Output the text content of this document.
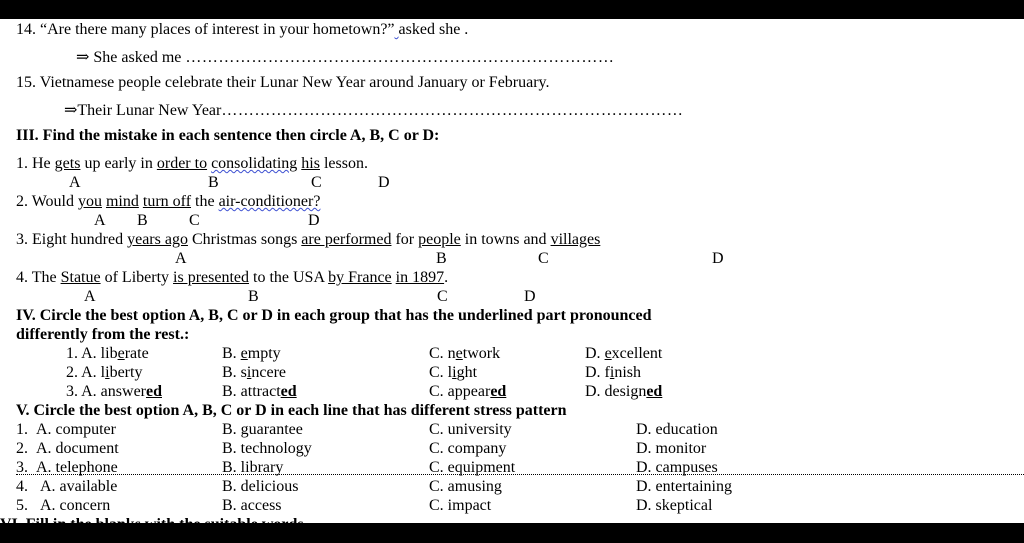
14. “Are there many places of interest in your hometown?” asked she .
⇒ She asked me ……………………………………………………………………
15. Vietnamese people celebrate their Lunar New Year around January or February.
⇒Their Lunar New Year…………………………………………………………………………
III. Find the mistake in each sentence then circle A, B, C or D:
1. He gets up early in order to consolidating his lesson.
A	B	C	D
2. Would you mind turn off the air-conditioner?
A B	C	D
3. Eight hundred years ago Christmas songs are performed for people in towns and villages
A	B	C	D
4. The Statue of Liberty is presented to the USA by France in 1897.
A	B	C	D
IV. Circle the best option A, B, C or D in each group that has the underlined part pronounced
differently from the rest.:
1. A. liberate	B. empty	C. network	D. excellent
2. A. liberty	B. sincere	C. light	D. finish
3. A. answered	B. attracted	C. appeared	D. designed
V. Circle the best option A, B, C or D in each line that has different stress pattern
1. A. computer	B. guarantee	C. university	D. education
2. A. document	B. technology	C. company	D. monitor
3. A. telephone	B. library	C. equipment	D. campuses
4. A. available	B. delicious	C. amusing	D. entertaining
5. A. concern	B. access	C. impact	D. skeptical
